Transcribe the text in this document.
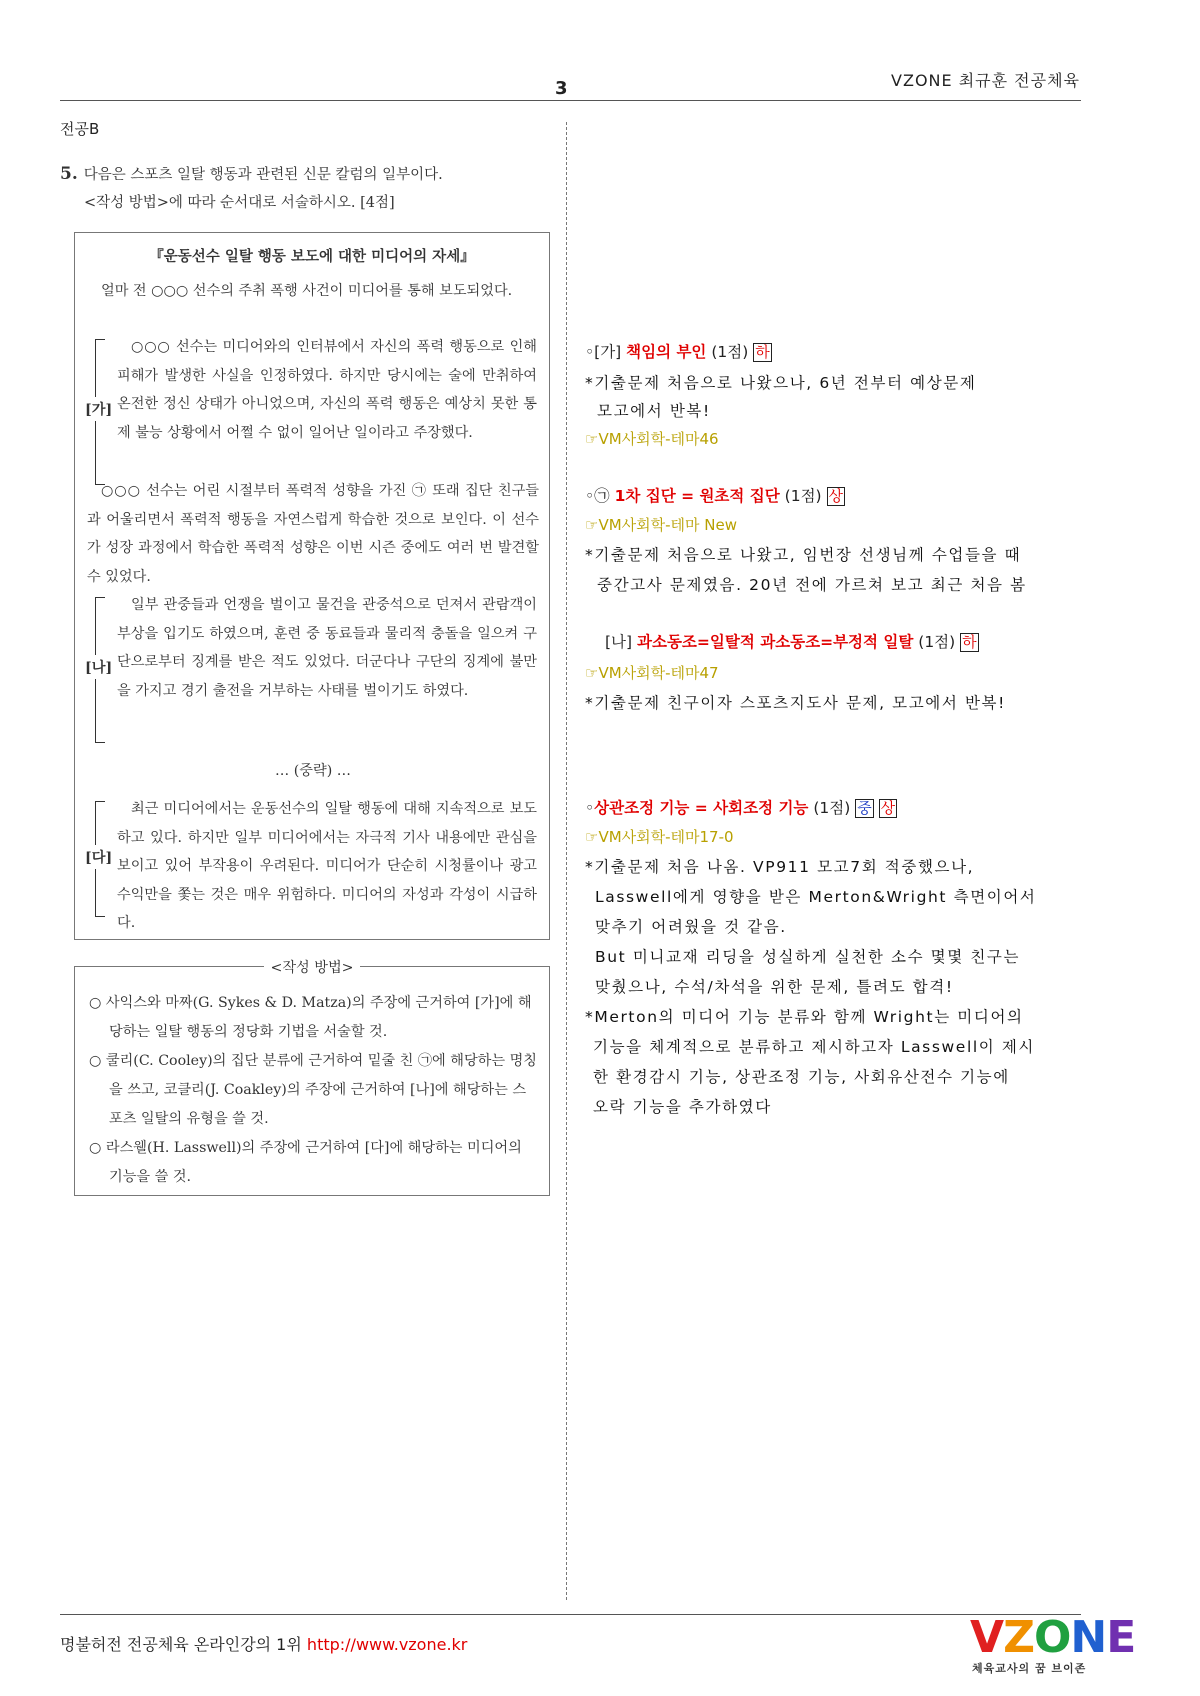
VZONE 최규훈 전공체육
3
전공B
5. 다음은 스포츠 일탈 행동과 관련된 신문 칼럼의 일부이다.
<작성 방법>에 따라 순서대로 서술하시오. [4점]
『운동선수 일탈 행동 보도에 대한 미디어의 자세』
얼마 전 ○○○ 선수의 주취 폭행 사건이 미디어를 통해 보도되었다.
[가]
○○○ 선수는 미디어와의 인터뷰에서 자신의 폭력 행동으로 인해 피해가 발생한 사실을 인정하였다. 하지만 당시에는 술에 만취하여 온전한 정신 상태가 아니었으며, 자신의 폭력 행동은 예상치 못한 통제 불능 상황에서 어쩔 수 없이 일어난 일이라고 주장했다.
○○○ 선수는 어린 시절부터 폭력적 성향을 가진 ㉠ 또래 집단 친구들과 어울리면서 폭력적 행동을 자연스럽게 학습한 것으로 보인다. 이 선수가 성장 과정에서 학습한 폭력적 성향은 이번 시즌 중에도 여러 번 발견할 수 있었다.
[나]
일부 관중들과 언쟁을 벌이고 물건을 관중석으로 던져서 관람객이 부상을 입기도 하였으며, 훈련 중 동료들과 물리적 충돌을 일으켜 구단으로부터 징계를 받은 적도 있었다. 더군다나 구단의 징계에 불만을 가지고 경기 출전을 거부하는 사태를 벌이기도 하였다.
… (중략) …
[다]
최근 미디어에서는 운동선수의 일탈 행동에 대해 지속적으로 보도하고 있다. 하지만 일부 미디어에서는 자극적 기사 내용에만 관심을 보이고 있어 부작용이 우려된다. 미디어가 단순히 시청률이나 광고 수익만을 쫓는 것은 매우 위험하다. 미디어의 자성과 각성이 시급하다.
<작성 방법>
○ 사익스와 마짜(G. Sykes & D. Matza)의 주장에 근거하여 [가]에 해당하는 일탈 행동의 정당화 기법을 서술할 것.
○ 쿨리(C. Cooley)의 집단 분류에 근거하여 밑줄 친 ㉠에 해당하는 명칭을 쓰고, 코클리(J. Coakley)의 주장에 근거하여 [나]에 해당하는 스포츠 일탈의 유형을 쓸 것.
○ 라스웰(H. Lasswell)의 주장에 근거하여 [다]에 해당하는 미디어의 기능을 쓸 것.
◦[가] 책임의 부인 (1점) 하
*기출문제 처음으로 나왔으나, 6년 전부터 예상문제
모고에서 반복!
☞VM사회학-테마46
◦㉠ 1차 집단 = 원초적 집단 (1점) 상
☞VM사회학-테마 New
*기출문제 처음으로 나왔고, 임번장 선생님께 수업들을 때
중간고사 문제였음. 20년 전에 가르쳐 보고 최근 처음 봄
[나] 과소동조=일탈적 과소동조=부정적 일탈 (1점) 하
☞VM사회학-테마47
*기출문제 친구이자 스포츠지도사 문제, 모고에서 반복!
◦상관조정 기능 = 사회조정 기능 (1점) 중 상
☞VM사회학-테마17-0
*기출문제 처음 나옴. VP911 모고7회 적중했으나,
Lasswell에게 영향을 받은 Merton&Wright 측면이어서
맞추기 어려웠을 것 같음.
But 미니교재 리딩을 성실하게 실천한 소수 몇몇 친구는
맞췄으나, 수석/차석을 위한 문제, 틀려도 합격!
*Merton의 미디어 기능 분류와 함께 Wright는 미디어의
기능을 체계적으로 분류하고 제시하고자 Lasswell이 제시
한 환경감시 기능, 상관조정 기능, 사회유산전수 기능에
오락 기능을 추가하였다
명불허전 전공체육 온라인강의 1위 http://www.vzone.kr	VZONE
체육교사의 꿈 브이존
